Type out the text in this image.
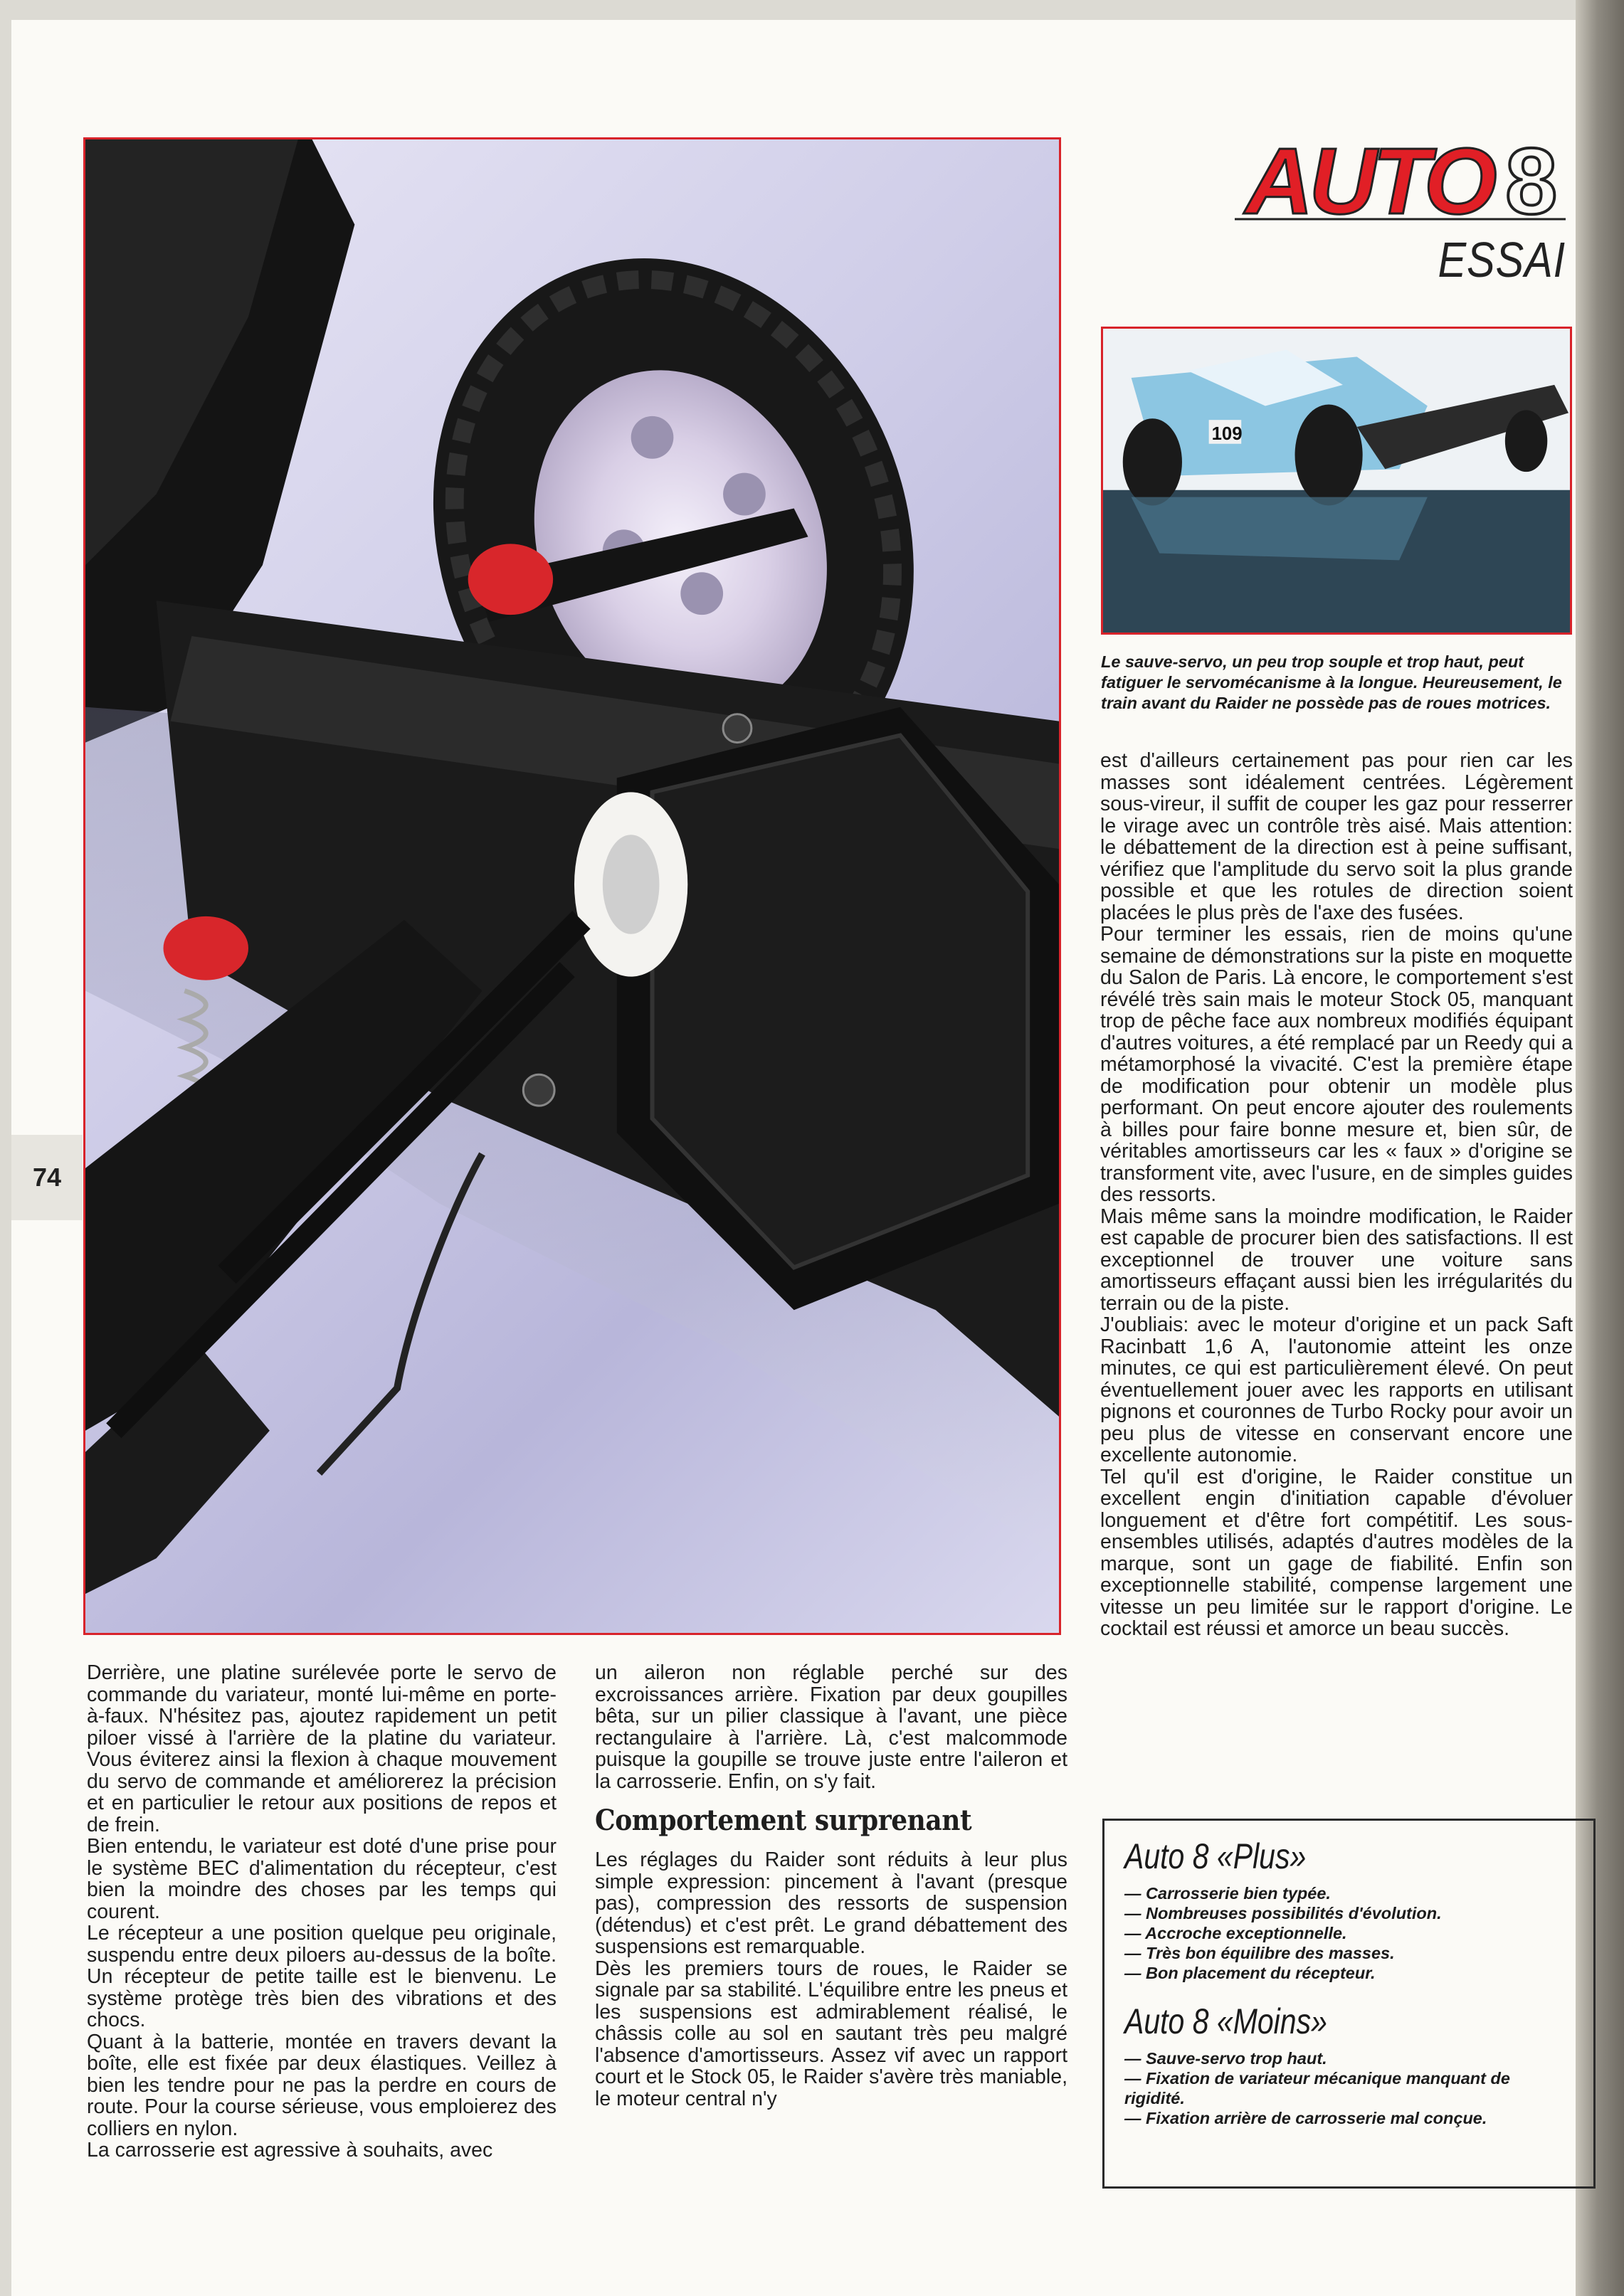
74
AUTO 8
ESSAI
109
Le sauve-servo, un peu trop souple et trop haut, peut fatiguer le servomécanisme à la longue. Heureusement, le train avant du Raider ne possède pas de roues motrices.

Derrière, une platine surélevée porte le servo de commande du variateur, monté lui-même en porte-à-faux. N'hésitez pas, ajoutez rapidement un petit piloer vissé à l'arrière de la platine du variateur. Vous éviterez ainsi la flexion à chaque mouvement du servo de commande et améliorerez la précision et en particulier le retour aux positions de repos et de frein.

Bien entendu, le variateur est doté d'une prise pour le système BEC d'alimentation du récepteur, c'est bien la moindre des choses par les temps qui courent.

Le récepteur a une position quelque peu originale, suspendu entre deux piloers au-dessus de la boîte. Un récepteur de petite taille est le bienvenu. Le système protège très bien des vibrations et des chocs.

Quant à la batterie, montée en travers devant la boîte, elle est fixée par deux élastiques. Veillez à bien les tendre pour ne pas la perdre en cours de route. Pour la course sérieuse, vous emploierez des colliers en nylon.

La carrosserie est agressive à souhaits, avec

un aileron non réglable perché sur des excroissances arrière. Fixation par deux goupilles bêta, sur un pilier classique à l'avant, une pièce rectangulaire à l'arrière. Là, c'est malcommode puisque la goupille se trouve juste entre l'aileron et la carrosserie. Enfin, on s'y fait.

Comportement surprenant

Les réglages du Raider sont réduits à leur plus simple expression: pincement à l'avant (presque pas), compression des ressorts de suspension (détendus) et c'est prêt. Le grand débattement des suspensions est remarquable.

Dès les premiers tours de roues, le Raider se signale par sa stabilité. L'équilibre entre les pneus et les suspensions est admirablement réalisé, le châssis colle au sol en sautant très peu malgré l'absence d'amortisseurs. Assez vif avec un rapport court et le Stock 05, le Raider s'avère très maniable, le moteur central n'y

est d'ailleurs certainement pas pour rien car les masses sont idéalement centrées. Légèrement sous-vireur, il suffit de couper les gaz pour resserrer le virage avec un contrôle très aisé. Mais attention: le débattement de la direction est à peine suffisant, vérifiez que l'amplitude du servo soit la plus grande possible et que les rotules de direction soient placées le plus près de l'axe des fusées.

Pour terminer les essais, rien de moins qu'une semaine de démonstrations sur la piste en moquette du Salon de Paris. Là encore, le comportement s'est révélé très sain mais le moteur Stock 05, manquant trop de pêche face aux nombreux modifiés équipant d'autres voitures, a été remplacé par un Reedy qui a métamorphosé la vivacité. C'est la première étape de modification pour obtenir un modèle plus performant. On peut encore ajouter des roulements à billes pour faire bonne mesure et, bien sûr, de véritables amortisseurs car les « faux » d'origine se transforment vite, avec l'usure, en de simples guides des ressorts.

Mais même sans la moindre modification, le Raider est capable de procurer bien des satisfactions. Il est exceptionnel de trouver une voiture sans amortisseurs effaçant aussi bien les irrégularités du terrain ou de la piste.

J'oubliais: avec le moteur d'origine et un pack Saft Racinbatt 1,6 A, l'autonomie atteint les onze minutes, ce qui est particulièrement élevé. On peut éventuellement jouer avec les rapports en utilisant pignons et couronnes de Turbo Rocky pour avoir un peu plus de vitesse en conservant encore une excellente autonomie.

Tel qu'il est d'origine, le Raider constitue un excellent engin d'initiation capable d'évoluer longuement et d'être fort compétitif. Les sous-ensembles utilisés, adaptés d'autres modèles de la marque, sont un gage de fiabilité. Enfin son exceptionnelle stabilité, compense largement une vitesse un peu limitée sur le rapport d'origine. Le cocktail est réussi et amorce un beau succès.

Auto 8 «Plus»
— Carrosserie bien typée.
— Nombreuses possibilités d'évolution.
— Accroche exceptionnelle.
— Très bon équilibre des masses.
— Bon placement du récepteur.
Auto 8 «Moins»
— Sauve-servo trop haut.
— Fixation de variateur mécanique manquant de rigidité.
— Fixation arrière de carrosserie mal conçue.
